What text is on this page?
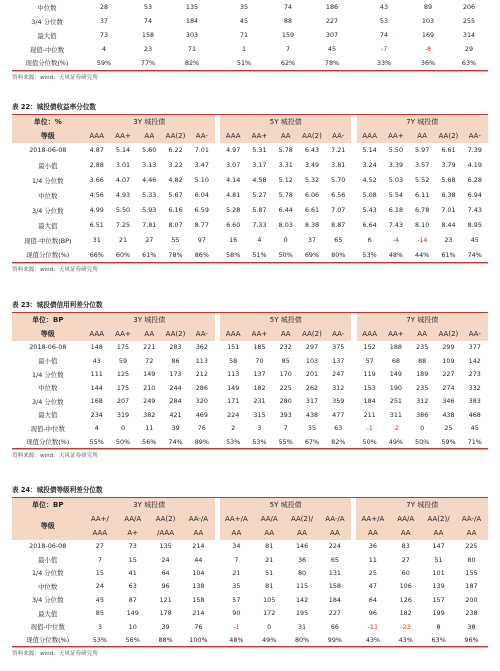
中位数	28	53	135		35	74	186		43	89	206
3/4 分位数	37	74	184		45	88	227		53	103	255
最大值	73	158	303		71	159	307		74	169	314
现值-中位数	4	23	71		1	7	45		-7	-8	29
现值分位数(%)	59%	77%	82%		51%	62%	78%		33%	36%	63%
资料来源：wind，天风证券研究所
表 22：城投债收益率分位数
单位：%	3Y 城投债						5Y 城投债						7Y 城投债				
等级	AAA	AA+	AA	AA(2)	AA-		AAA	AA+	AA	AA(2)	AA-		AAA	AA+	AA	AA(2)	AA-
2018-06-08	4.87	5.14	5.60	6.22	7.01		4.97	5.31	5.78	6.43	7.21		5.14	5.50	5.97	6.61	7.39
最小值	2.88	3.01	3.13	3.22	3.47		3.07	3.17	3.31	3.49	3.81		3.24	3.39	3.57	3.79	4.19
1/4 分位数	3.66	4.07	4.46	4.82	5.10		4.14	4.58	5.12	5.32	5.70		4.52	5.03	5.52	5.68	6.28
中位数	4.56	4.93	5.33	5.67	6.04		4.81	5.27	5.78	6.06	6.56		5.08	5.54	6.11	6.38	6.94
3/4 分位数	4.99	5.50	5.93	6.16	6.59		5.28	5.87	6.44	6.61	7.07		5.43	6.18	6.78	7.01	7.43
最大值	6.51	7.25	7.81	8.07	8.77		6.60	7.33	8.03	8.38	8.87		6.64	7.43	8.10	8.44	8.95
现值-中位数(BP)	31	21	27	55	97		16	4	0	37	65		6	-4	-14	23	45
现值分位数(%)	66%	60%	61%	78%	86%		58%	51%	50%	69%	80%		53%	48%	44%	61%	74%
资料来源：wind，天风证券研究所
表 23：城投债信用利差分位数
单位：BP	3Y 城投债						5Y 城投债						7Y 城投债				
等级	AAA	AA+	AA	AA(2)	AA-		AAA	AA+	AA	AA(2)	AA-		AAA	AA+	AA	AA(2)	AA-
2018-06-08	148	175	221	283	362		151	185	232	297	375		152	188	235	299	377
最小值	43	59	72	86	113		58	70	85	103	137		57	68	88	109	142
1/4 分位数	111	125	149	173	212		113	137	170	201	247		119	149	189	227	273
中位数	144	175	210	244	286		149	182	225	262	312		153	190	235	274	332
3/4 分位数	168	207	249	284	320		171	231	280	317	359		184	251	312	346	383
最大值	234	319	382	421	469		224	315	393	438	477		211	311	386	438	468
现值-中位数	4	0	11	39	76		2	3	7	35	63		-1	-2	0	25	45
现值分位数(%)	55%	50%	56%	74%	89%		53%	53%	55%	67%	82%		50%	49%	50%	59%	71%
资料来源：wind，天风证券研究所
表 24：城投债等级利差分位数
单位：BP	3Y 城投债					5Y 城投债					7Y 城投债			
等级	AA+/	AA/A	AA(2)	AA-/A		AA+/A	AA/A	AA(2)/	AA-/A		AA+/A	AA/A	AA(2)/	AA-/A
	AAA	A+	/AAA	AA		AA	AA	AA	AA		AA	AA	AA	AA
2018-06-08	27	73	135	214		34	81	146	224		36	83	147	225
最小值	7	15	24	44		7	21	36	65		11	27	51	80
1/4 分位数	15	41	64	104		21	51	80	131		25	60	101	155
中位数	24	63	96	138		35	81	115	158		47	106	139	187
3/4 分位数	45	87	121	158		57	105	142	184		64	126	157	200
最大值	85	149	178	214		90	172	195	227		96	182	199	238
现值-中位数	3	10	39	76		-1	0	31	66		-11	-23	8	38
现值分位数(%)	53%	56%	88%	100%		48%	49%	80%	99%		43%	43%	63%	96%
资料来源：wind，天风证券研究所
